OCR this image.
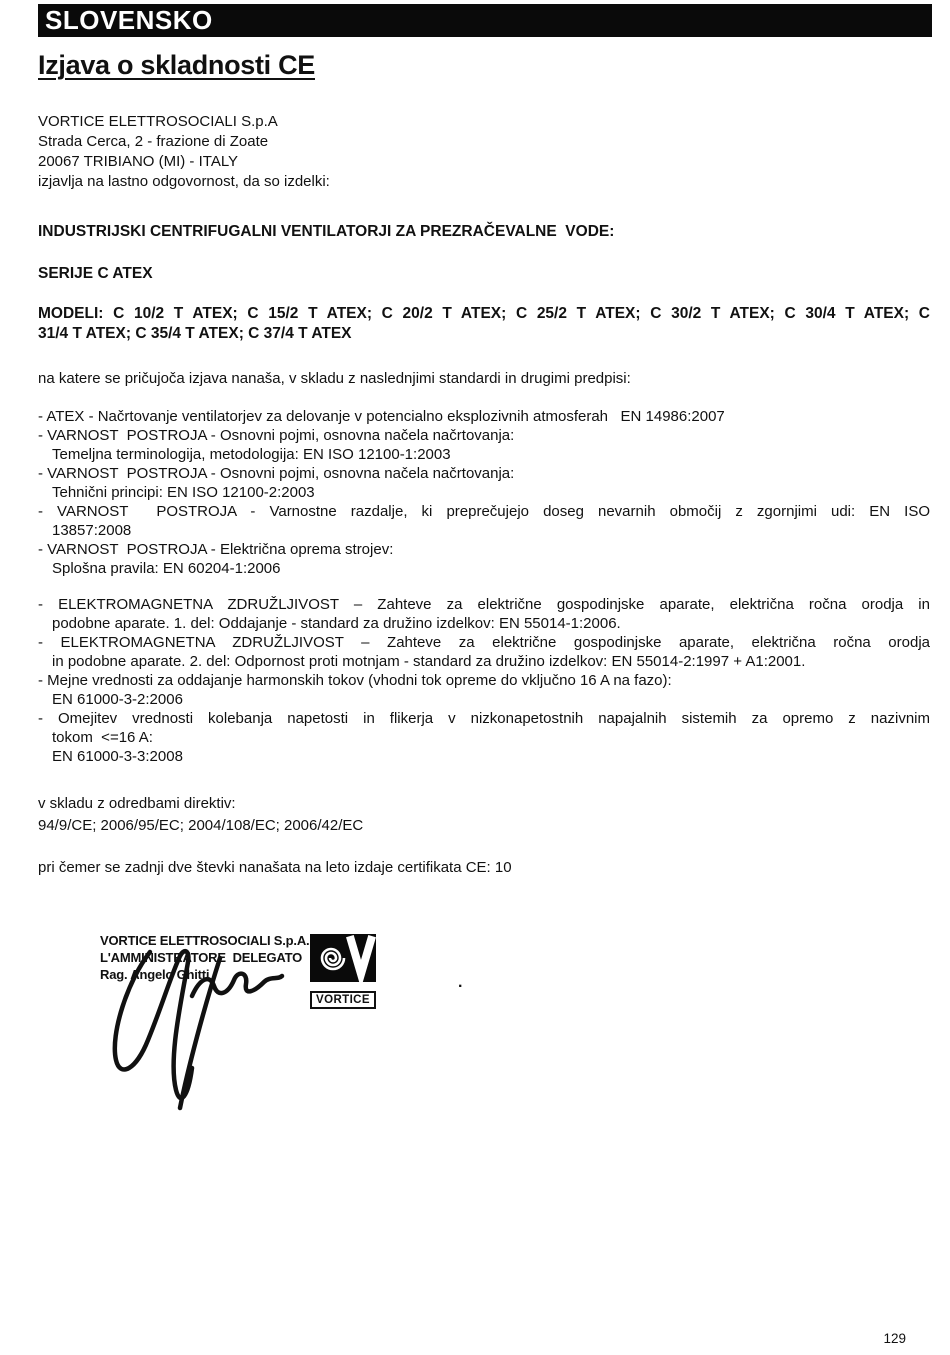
SLOVENSKO
Izjava o skladnosti CE
VORTICE ELETTROSOCIALI S.p.A
Strada Cerca, 2 - frazione di Zoate
20067 TRIBIANO (MI) - ITALY
izjavlja na lastno odgovornost, da so izdelki:
INDUSTRIJSKI CENTRIFUGALNI VENTILATORJI ZA PREZRAČEVALNE  VODE:
SERIJE C ATEX
MODELI: C 10/2 T ATEX; C 15/2 T ATEX; C 20/2 T ATEX; C 25/2 T ATEX; C 30/2 T ATEX; C 30/4 T ATEX; C
31/4 T ATEX; C 35/4 T ATEX; C 37/4 T ATEX
na katere se pričujoča izjava nanaša, v skladu z naslednjimi standardi in drugimi predpisi:
- ATEX - Načrtovanje ventilatorjev za delovanje v potencialno eksplozivnih atmosferah   EN 14986:2007
- VARNOST  POSTROJA - Osnovni pojmi, osnovna načela načrtovanja:
Temeljna terminologija, metodologija: EN ISO 12100-1:2003
- VARNOST  POSTROJA - Osnovni pojmi, osnovna načela načrtovanja:
Tehnični principi: EN ISO 12100-2:2003
- VARNOST  POSTROJA - Varnostne razdalje, ki preprečujejo doseg nevarnih območij z zgornjimi udi: EN ISO
13857:2008
- VARNOST  POSTROJA - Električna oprema strojev:
Splošna pravila: EN 60204-1:2006
- ELEKTROMAGNETNA ZDRUŽLJIVOST – Zahteve za električne gospodinjske aparate, električna ročna orodja in
podobne aparate. 1. del: Oddajanje - standard za družino izdelkov: EN 55014-1:2006.
- ELEKTROMAGNETNA ZDRUŽLJIVOST – Zahteve za električne gospodinjske aparate, električna ročna orodja
in podobne aparate. 2. del: Odpornost proti motnjam - standard za družino izdelkov: EN 55014-2:1997 + A1:2001.
- Mejne vrednosti za oddajanje harmonskih tokov (vhodni tok opreme do vključno 16 A na fazo):
EN 61000-3-2:2006
- Omejitev vrednosti kolebanja napetosti in flikerja v nizkonapetostnih napajalnih sistemih za opremo z nazivnim
tokom  <=16 A:
EN 61000-3-3:2008
v skladu z odredbami direktiv:
94/9/CE; 2006/95/EC; 2004/108/EC; 2006/42/EC
pri čemer se zadnji dve števki nanašata na leto izdaje certifikata CE: 10
VORTICE ELETTROSOCIALI S.p.A.
L'AMMINISTRATORE  DELEGATO
Rag. Angelo Ghitti
VORTICE
.
129
